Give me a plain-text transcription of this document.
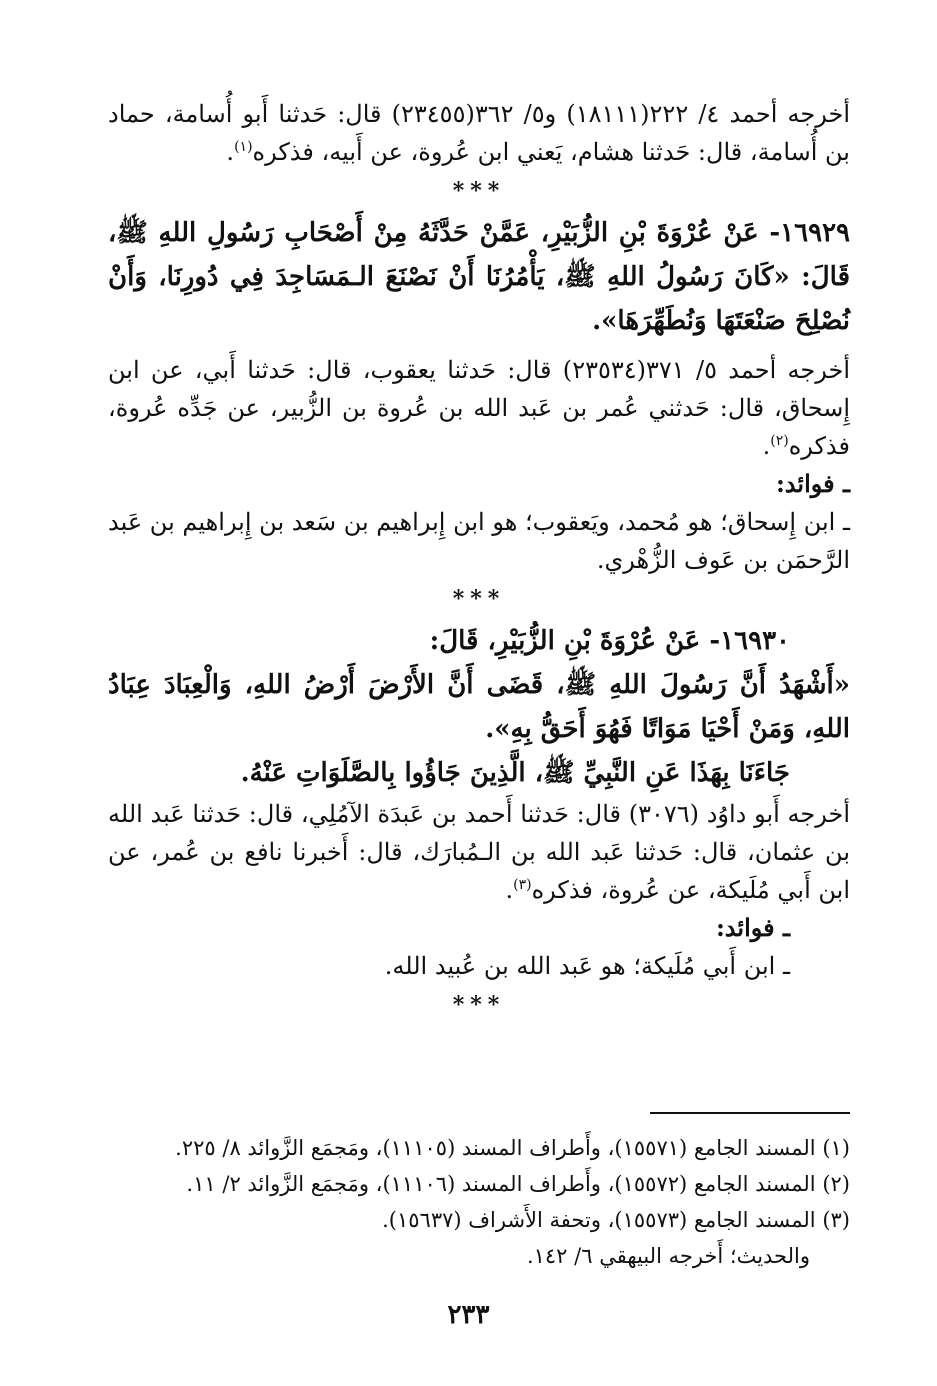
أخرجه أحمد ٤/ ٢٢٢(١٨١١١) و٥/ ٣٦٢(٢٣٤٥٥) قال: حَدثنا أَبو أُسامة، حماد بن أُسامة، قال: حَدثنا هشام، يَعني ابن عُروة، عن أَبيه، فذكره$^{(١)}$.

***

١٦٩٢٩- عَنْ عُرْوَةَ بْنِ الزُّبَيْرِ، عَمَّنْ حَدَّثَهُ مِنْ أَصْحَابِ رَسُولِ اللهِ ﷺ، قَالَ: «كَانَ رَسُولُ اللهِ ﷺ، يَأْمُرُنَا أَنْ نَصْنَعَ الـمَسَاجِدَ فِي دُورِنَا، وَأَنْ نُصْلِحَ صَنْعَتَهَا وَنُطَهِّرَهَا».

أخرجه أحمد ٥/ ٣٧١(٢٣٥٣٤) قال: حَدثنا يعقوب، قال: حَدثنا أَبي، عن ابن إِسحاق، قال: حَدثني عُمر بن عَبد الله بن عُروة بن الزُّبير، عن جَدِّه عُروة، فذكره$^{(٢)}$.

ـ فوائد:

ـ ابن إِسحاق؛ هو مُحمد، ويَعقوب؛ هو ابن إِبراهيم بن سَعد بن إِبراهيم بن عَبد الرَّحمَن بن عَوف الزُّهْري.

***

١٦٩٣٠- عَنْ عُرْوَةَ بْنِ الزُّبَيْرِ، قَالَ:

«أَشْهَدُ أَنَّ رَسُولَ اللهِ ﷺ، قَضَى أَنَّ الأَرْضَ أَرْضُ اللهِ، وَالْعِبَادَ عِبَادُ اللهِ، وَمَنْ أَحْيَا مَوَاتًا فَهُوَ أَحَقُّ بِهِ».

جَاءَنَا بِهَذَا عَنِ النَّبِيِّ ﷺ، الَّذِينَ جَاؤُوا بِالصَّلَوَاتِ عَنْهُ.

أخرجه أَبو داوُد (٣٠٧٦) قال: حَدثنا أَحمد بن عَبدَة الآمُلِي، قال: حَدثنا عَبد الله بن عثمان، قال: حَدثنا عَبد الله بن الـمُبارَك، قال: أَخبرنا نافع بن عُمر، عن ابن أَبي مُلَيكة، عن عُروة، فذكره$^{(٣)}$.

ـ فوائد:

ـ ابن أَبي مُلَيكة؛ هو عَبد الله بن عُبيد الله.

***

(١) المسند الجامع (١٥٥٧١)، وأَطراف المسند (١١١٠٥)، ومَجمَع الزَّوائد ٨/ ٢٢٥.

(٢) المسند الجامع (١٥٥٧٢)، وأَطراف المسند (١١١٠٦)، ومَجمَع الزَّوائد ٢/ ١١.

(٣) المسند الجامع (١٥٥٧٣)، وتحفة الأَشراف (١٥٦٣٧).

والحديث؛ أَخرجه البيهقي ٦/ ١٤٢.

٢٣٣
